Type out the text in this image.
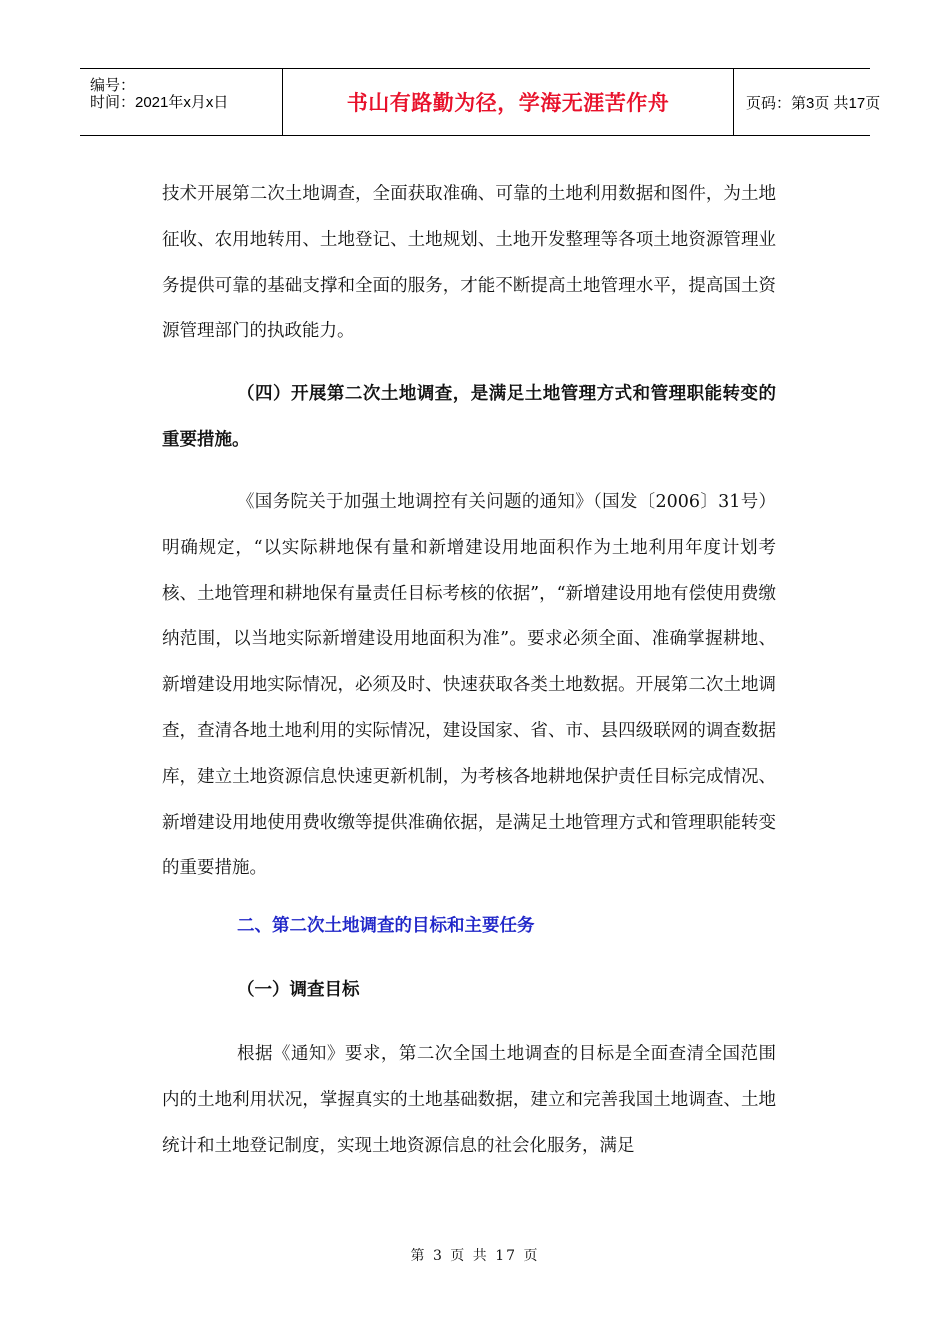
编号：
时间：2021年x月x日	书山有路勤为径，学海无涯苦作舟	页码：第3页 共17页

技术开展第二次土地调查，全面获取准确、可靠的土地利用数据和图件，为土地征收、农用地转用、土地登记、土地规划、土地开发整理等各项土地资源管理业务提供可靠的基础支撑和全面的服务，才能不断提高土地管理水平，提高国土资源管理部门的执政能力。

（四）开展第二次土地调查，是满足土地管理方式和管理职能转变的重要措施。

《国务院关于加强土地调控有关问题的通知》（国发〔2006〕31号）明确规定，“以实际耕地保有量和新增建设用地面积作为土地利用年度计划考核、土地管理和耕地保有量责任目标考核的依据”，“新增建设用地有偿使用费缴纳范围，以当地实际新增建设用地面积为准”。要求必须全面、准确掌握耕地、新增建设用地实际情况，必须及时、快速获取各类土地数据。开展第二次土地调查，查清各地土地利用的实际情况，建设国家、省、市、县四级联网的调查数据库，建立土地资源信息快速更新机制，为考核各地耕地保护责任目标完成情况、新增建设用地使用费收缴等提供准确依据，是满足土地管理方式和管理职能转变的重要措施。

二、第二次土地调查的目标和主要任务

（一）调查目标

根据《通知》要求，第二次全国土地调查的目标是全面查清全国范围内的土地利用状况，掌握真实的土地基础数据，建立和完善我国土地调查、土地统计和土地登记制度，实现土地资源信息的社会化服务，满足

第 3 页 共 17 页
